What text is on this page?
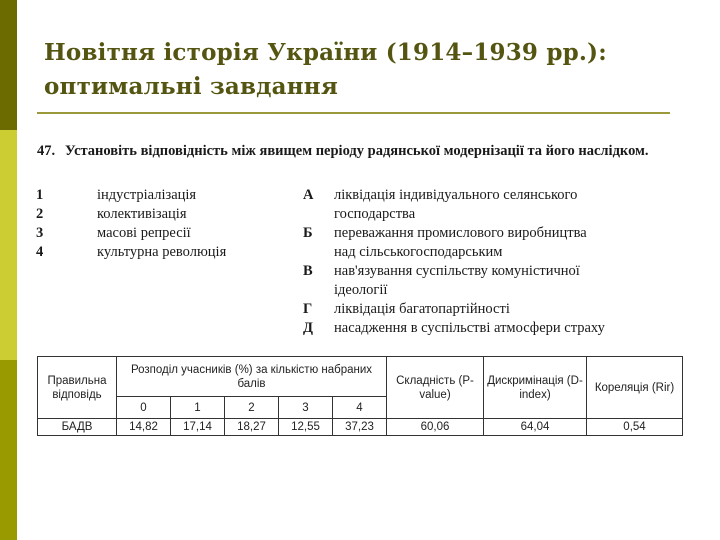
Новітня історія України (1914–1939 рр.):
оптимальні завдання
47. Установіть відповідність між явищем періоду радянської модернізації та його наслідком.
1	індустріалізація
2	колективізація
3	масові репресії
4	культурна революція
А ліквідація індивідуального селянського
господарства
Б переважання промислового виробництва
над сільськогосподарським
В нав'язування суспільству комуністичної
ідеології
Г ліквідація багатопартійності
Д насадження в суспільстві атмосфери страху
Правильна відповідь	Розподіл учасників (%) за кількістю набраних балів					Складність (P-value)	Дискримінація (D-index)	Кореляція (Rir)
	0	1	2	3	4			
БАДВ	14,82	17,14	18,27	12,55	37,23	60,06	64,04	0,54
